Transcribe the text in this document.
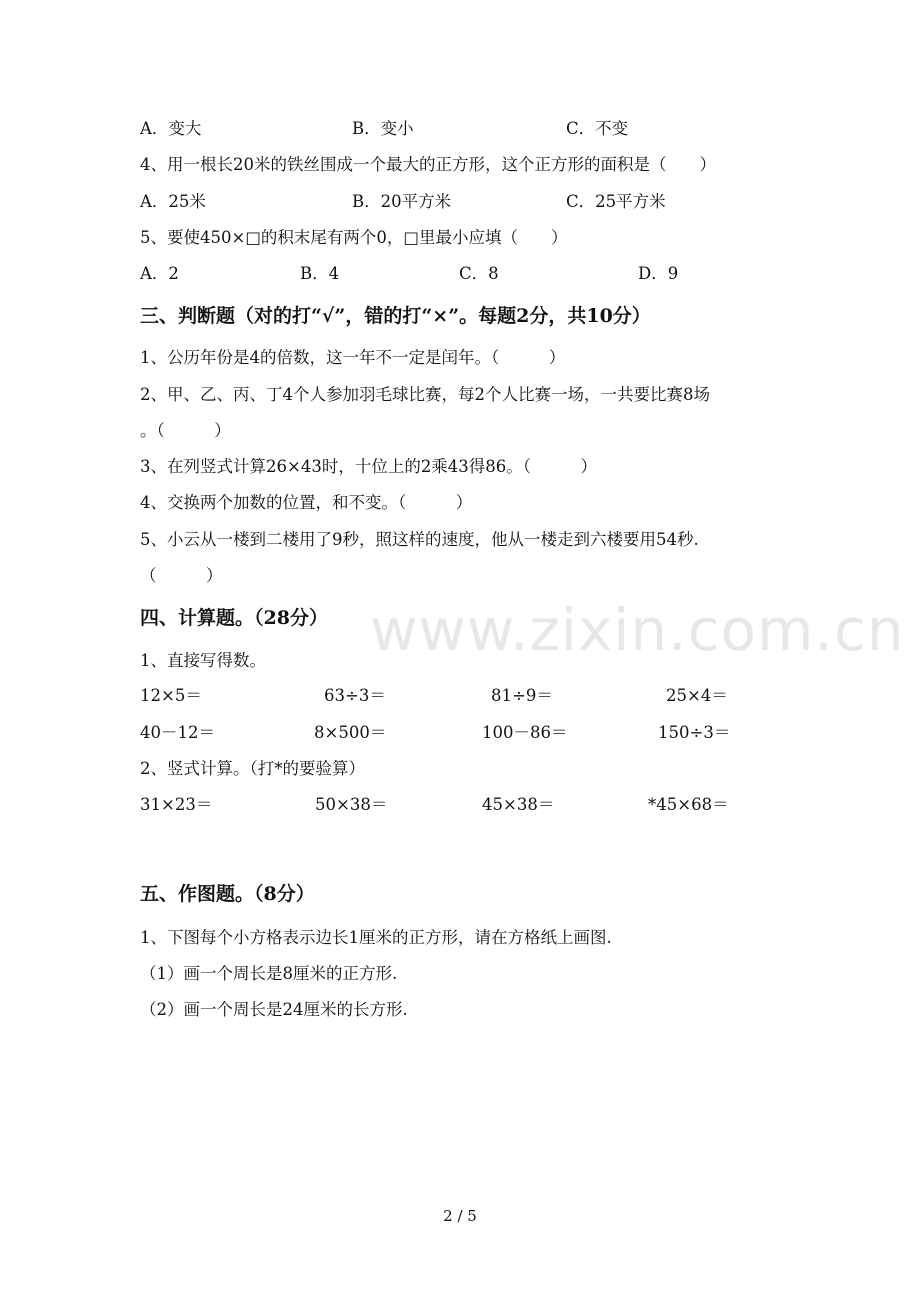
A．变大	B．变小	C．不变
4、用一根长20米的铁丝围成一个最大的正方形，这个正方形的面积是（　　）
A．25米	B．20平方米	C．25平方米
5、要使450×□的积末尾有两个0，□里最小应填（　　）
A．2	B．4	C．8	D．9
三、判断题（对的打“√”，错的打“×”。每题2分，共10分）
1、公历年份是4的倍数，这一年不一定是闰年。（　　　）
2、甲、乙、丙、丁4个人参加羽毛球比赛，每2个人比赛一场，一共要比赛8场
。（　　　）
3、在列竖式计算26×43时，十位上的2乘43得86。（　　　）
4、交换两个加数的位置，和不变。（　　　）
5、小云从一楼到二楼用了9秒，照这样的速度，他从一楼走到六楼要用54秒.
（　　　）
www.zixin.com.cn
四、计算题。（28分）
1、直接写得数。
12×5＝	63÷3＝	81÷9＝	25×4＝
40－12＝	8×500＝	100－86＝	150÷3＝
2、竖式计算。（打*的要验算）
31×23＝	50×38＝	45×38＝	*45×68＝
五、作图题。（8分）
1、下图每个小方格表示边长1厘米的正方形，请在方格纸上画图.
（1）画一个周长是8厘米的正方形.
（2）画一个周长是24厘米的长方形.
2 / 5
